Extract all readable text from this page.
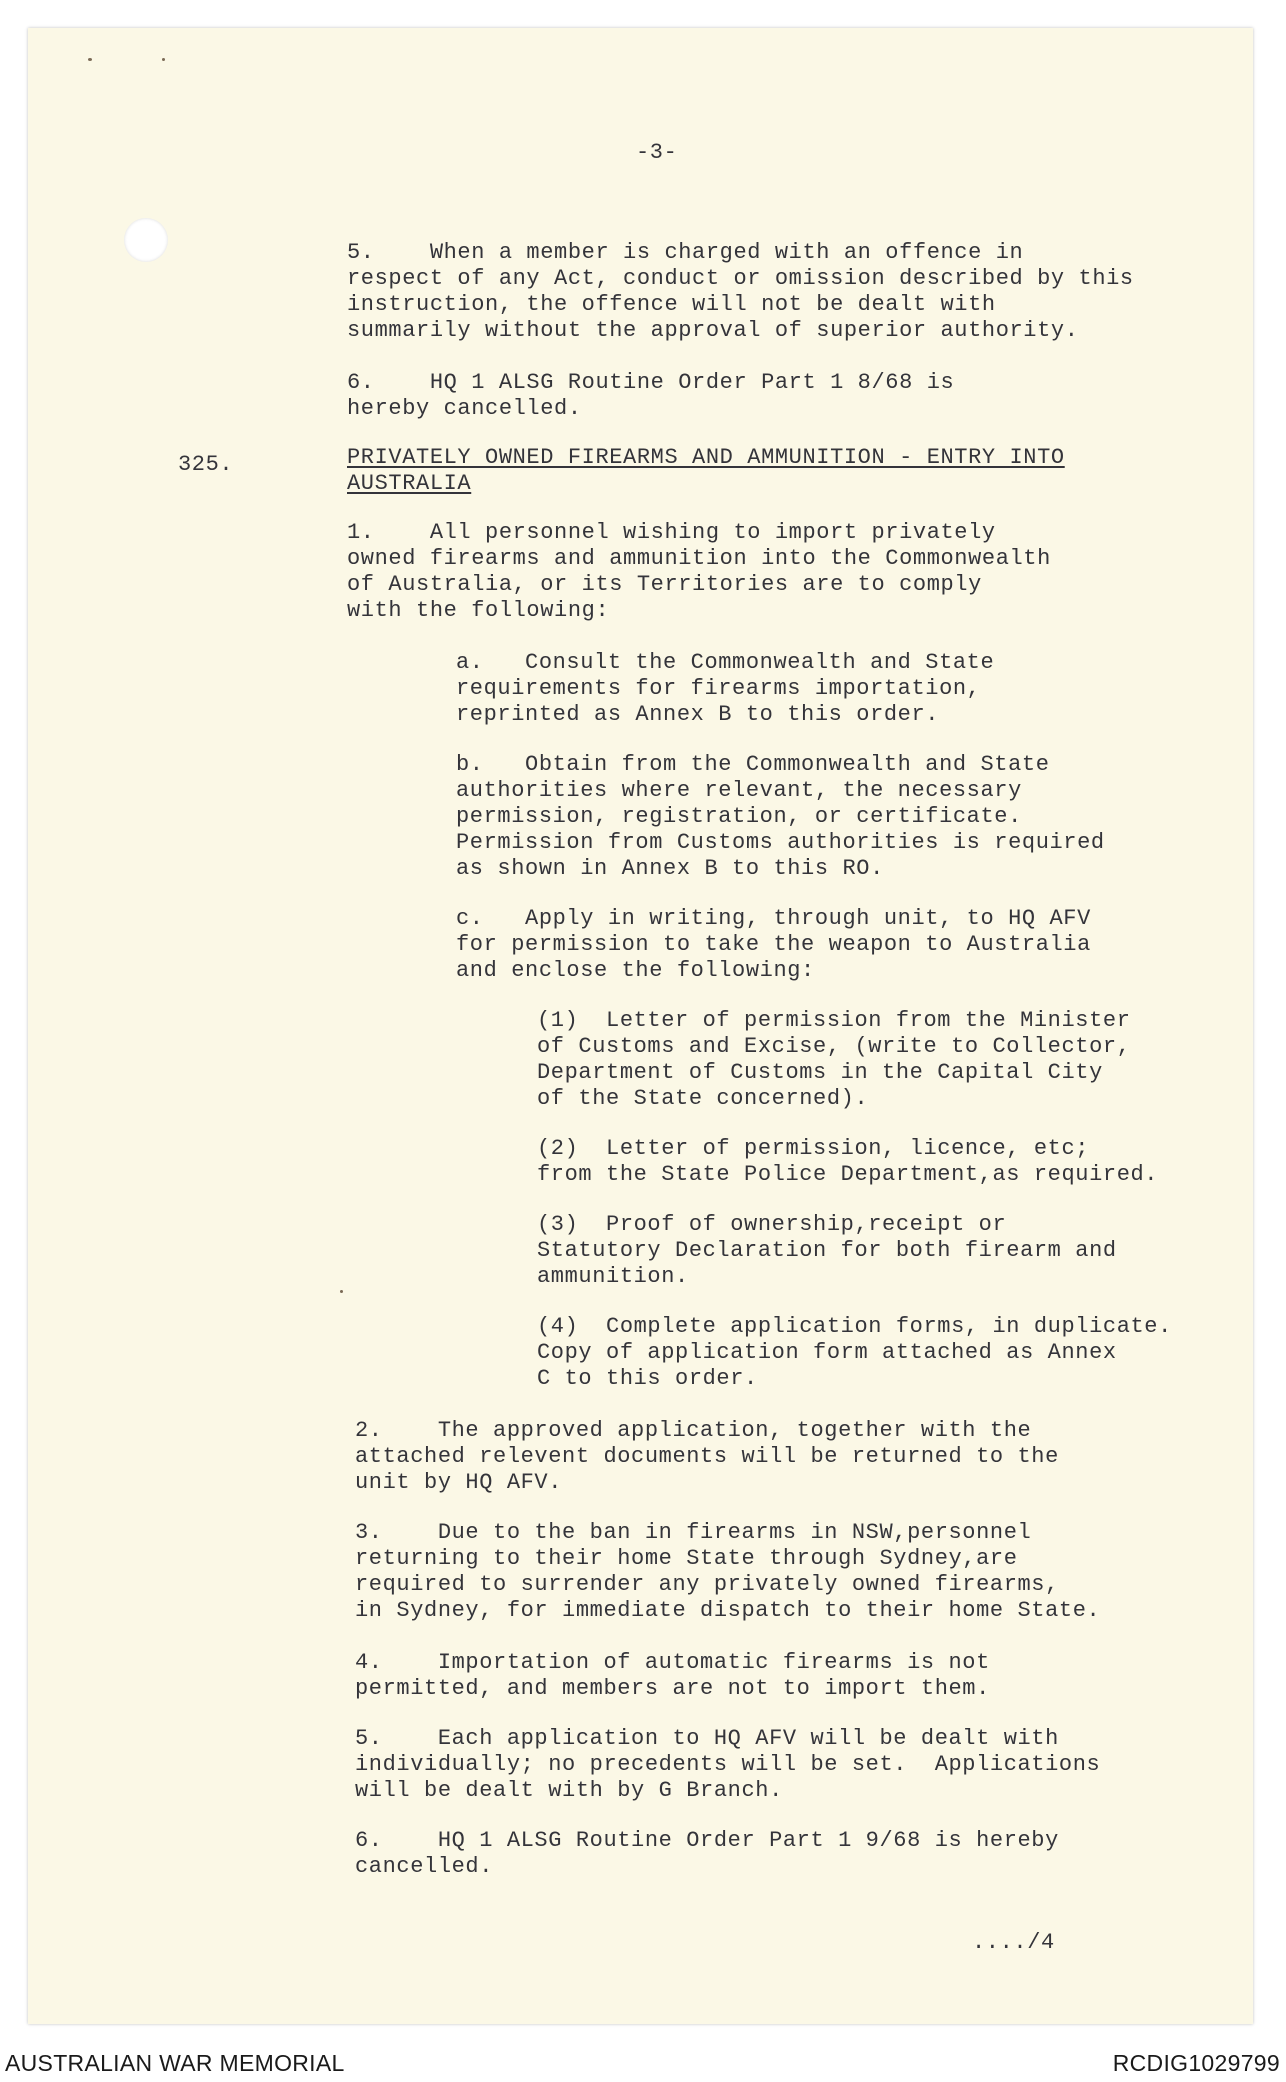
-3-
5.    When a member is charged with an offence in
respect of any Act, conduct or omission described by this
instruction, the offence will not be dealt with
summarily without the approval of superior authority.
6.    HQ 1 ALSG Routine Order Part 1 8/68 is
hereby cancelled.
325.	PRIVATELY OWNED FIREARMS AND AMMUNITION - ENTRY INTO
AUSTRALIA
1.    All personnel wishing to import privately
owned firearms and ammunition into the Commonwealth
of Australia, or its Territories are to comply
with the following:
a.   Consult the Commonwealth and State
requirements for firearms importation,
reprinted as Annex B to this order.
b.   Obtain from the Commonwealth and State
authorities where relevant, the necessary
permission, registration, or certificate.
Permission from Customs authorities is required
as shown in Annex B to this RO.
c.   Apply in writing, through unit, to HQ AFV
for permission to take the weapon to Australia
and enclose the following:
(1)  Letter of permission from the Minister
of Customs and Excise, (write to Collector,
Department of Customs in the Capital City
of the State concerned).
(2)  Letter of permission, licence, etc;
from the State Police Department,as required.
(3)  Proof of ownership,receipt or
Statutory Declaration for both firearm and
ammunition.
(4)  Complete application forms, in duplicate.
Copy of application form attached as Annex
C to this order.
2.    The approved application, together with the
attached relevent documents will be returned to the
unit by HQ AFV.
3.    Due to the ban in firearms in NSW,personnel
returning to their home State through Sydney,are
required to surrender any privately owned firearms,
in Sydney, for immediate dispatch to their home State.
4.    Importation of automatic firearms is not
permitted, and members are not to import them.
5.    Each application to HQ AFV will be dealt with
individually; no precedents will be set.  Applications
will be dealt with by G Branch.
6.    HQ 1 ALSG Routine Order Part 1 9/68 is hereby
cancelled.
..../4
AUSTRALIAN WAR MEMORIAL	RCDIG1029799
